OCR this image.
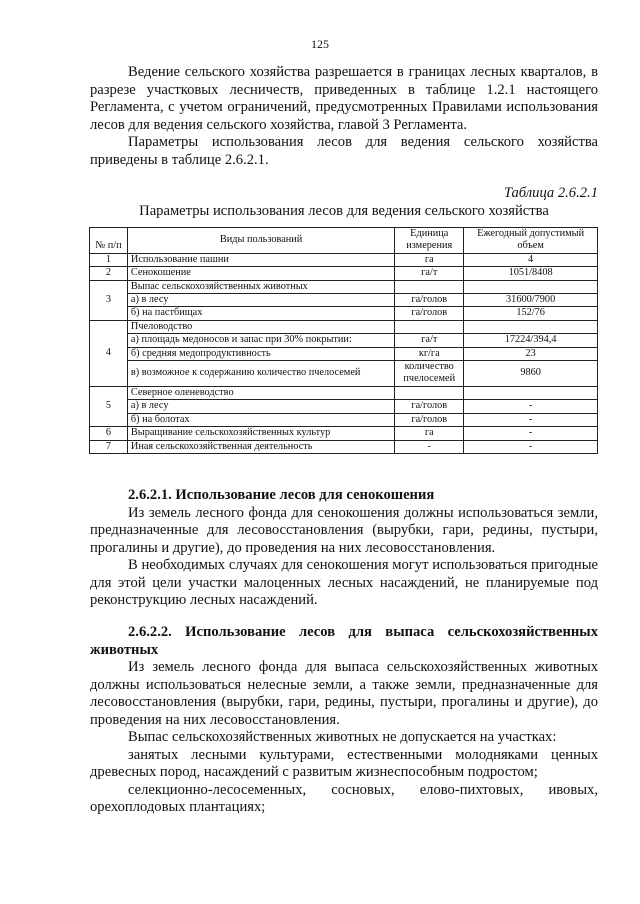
125

Ведение сельского хозяйства разрешается в границах лесных кварталов, в разрезе участковых лесничеств, приведенных в таблице 1.2.1 настоящего Регламента, с учетом ограничений, предусмотренных Правилами использования лесов для ведения сельского хозяйства, главой 3 Регламента.

Параметры использования лесов для ведения сельского хозяйства приведены в таблице 2.6.2.1.

Таблица 2.6.2.1

Параметры использования лесов для ведения сельского хозяйства

№ п/п	Виды пользований	Единица измерения	Ежегодный допустимый объем
1	Использование пашни	га	4
2	Сенокошение	га/т	1051/8408
3	Выпас сельскохозяйственных животных		
	а) в лесу	га/голов	31600/7900
	б) на пастбищах	га/голов	152/76
4	Пчеловодство		
	а) площадь медоносов и запас при 30% покрытии:	га/т	17224/394,4
	б) средняя медопродуктивность	кг/га	23
	в) возможное к содержанию количество пчелосемей	количество пчелосемей	9860
5	Северное оленеводство		
	а) в лесу	га/голов	-
	б) на болотах	га/голов	-
6	Выращивание сельскохозяйственных культур	га	-
7	Иная сельскохозяйственная деятельность	-	-

2.6.2.1. Использование лесов для сенокошения

Из земель лесного фонда для сенокошения должны использоваться земли, предназначенные для лесовосстановления (вырубки, гари, редины, пустыри, прогалины и другие), до проведения на них лесовосстановления.

В необходимых случаях для сенокошения могут использоваться пригодные для этой цели участки малоценных лесных насаждений, не планируемые под реконструкцию лесных насаждений.

2.6.2.2. Использование лесов для выпаса сельскохозяйственных животных

Из земель лесного фонда для выпаса сельскохозяйственных животных должны использоваться нелесные земли, а также земли, предназначенные для лесовосстановления (вырубки, гари, редины, пустыри, прогалины и другие), до проведения на них лесовосстановления.

Выпас сельскохозяйственных животных не допускается на участках:

занятых лесными культурами, естественными молодняками ценных древесных пород, насаждений с развитым жизнеспособным подростом;

селекционно-лесосеменных, сосновых, елово-пихтовых, ивовых, орехоплодовых плантациях;
